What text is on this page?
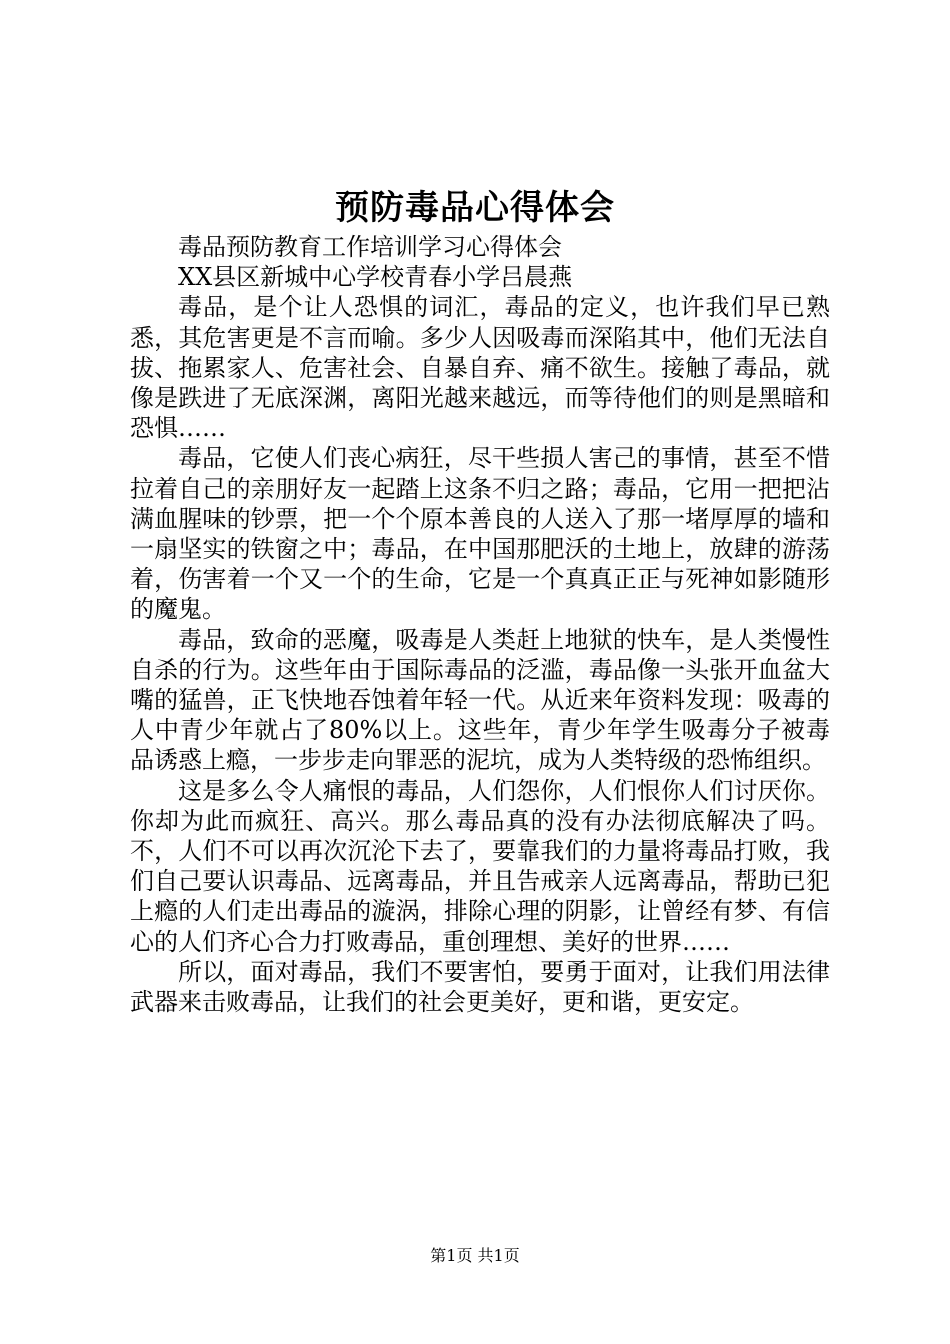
预防毒品心得体会

毒品预防教育工作培训学习心得体会

XX县区新城中心学校青春小学吕晨燕

毒品，是个让人恐惧的词汇，毒品的定义，也许我们早已熟悉，其危害更是不言而喻。多少人因吸毒而深陷其中，他们无法自拔、拖累家人、危害社会、自暴自弃、痛不欲生。接触了毒品，就像是跌进了无底深渊，离阳光越来越远，而等待他们的则是黑暗和恐惧……

毒品，它使人们丧心病狂，尽干些损人害己的事情，甚至不惜拉着自己的亲朋好友一起踏上这条不归之路；毒品，它用一把把沾满血腥味的钞票，把一个个原本善良的人送入了那一堵厚厚的墙和一扇坚实的铁窗之中；毒品，在中国那肥沃的土地上，放肆的游荡着，伤害着一个又一个的生命，它是一个真真正正与死神如影随形的魔鬼。

毒品，致命的恶魔，吸毒是人类赶上地狱的快车，是人类慢性自杀的行为。这些年由于国际毒品的泛滥，毒品像一头张开血盆大嘴的猛兽，正飞快地吞蚀着年轻一代。从近来年资料发现：吸毒的人中青少年就占了80%以上。这些年，青少年学生吸毒分子被毒品诱惑上瘾，一步步走向罪恶的泥坑，成为人类特级的恐怖组织。

这是多么令人痛恨的毒品，人们怨你，人们恨你人们讨厌你。你却为此而疯狂、高兴。那么毒品真的没有办法彻底解决了吗。不，人们不可以再次沉沦下去了，要靠我们的力量将毒品打败，我们自己要认识毒品、远离毒品，并且告戒亲人远离毒品，帮助已犯上瘾的人们走出毒品的漩涡，排除心理的阴影，让曾经有梦、有信心的人们齐心合力打败毒品，重创理想、美好的世界……

所以，面对毒品，我们不要害怕，要勇于面对，让我们用法律武器来击败毒品，让我们的社会更美好，更和谐，更安定。

第1页 共1页
